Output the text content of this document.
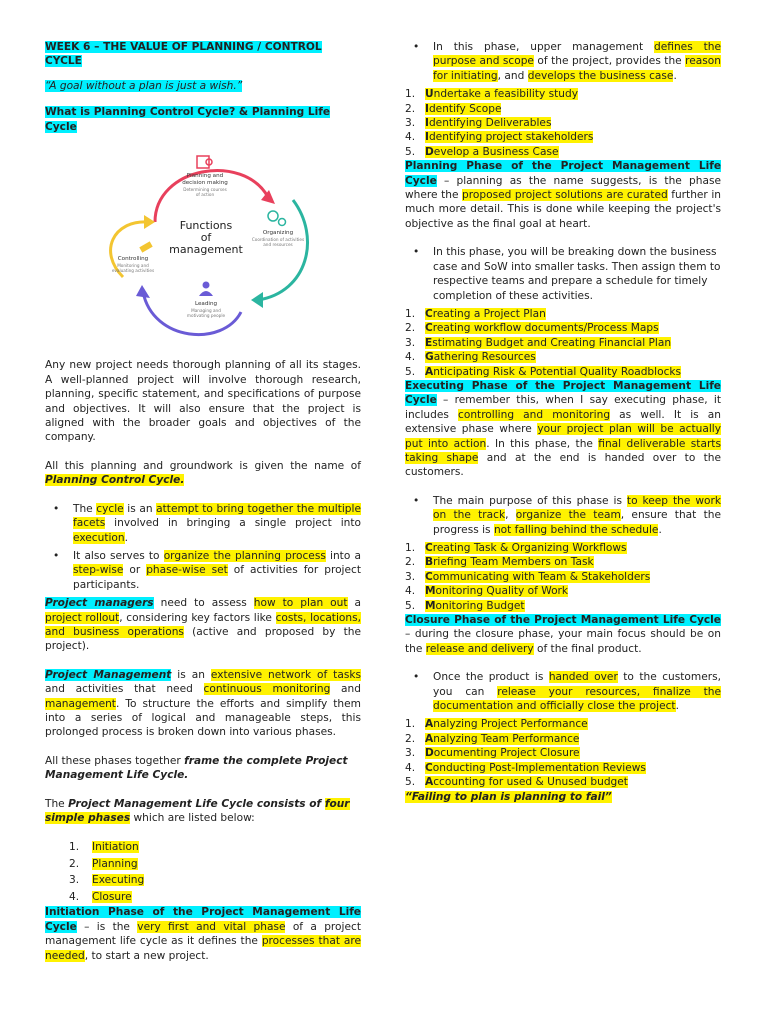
WEEK 6 – THE VALUE OF PLANNING / CONTROL CYCLE

“A goal without a plan is just a wish.”

What is Planning Control Cycle? & Planning Life Cycle

Functions
of
management
Planning and
decision making
Determining courses
of action
Organizing
Coordination of activities
and resources
Leading
Managing and
motivating people
Controlling
Monitoring and
evaluating activities

Any new project needs thorough planning of all its stages. A well-planned project will involve thorough research, planning, specific statement, and specifications of purpose and objectives. It will also ensure that the project is aligned with the broader goals and objectives of the company.

All this planning and groundwork is given the name of Planning Control Cycle.

• The cycle is an attempt to bring together the multiple facets involved in bringing a single project into execution.
• It also serves to organize the planning process into a step-wise or phase-wise set of activities for project participants.

Project managers need to assess how to plan out a project rollout, considering key factors like costs, locations, and business operations (active and proposed by the project).

Project Management is an extensive network of tasks and activities that need continuous monitoring and management. To structure the efforts and simplify them into a series of logical and manageable steps, this prolonged process is broken down into various phases.

All these phases together frame the complete Project Management Life Cycle.

The Project Management Life Cycle consists of four simple phases which are listed below:

1. Initiation
2. Planning
3. Executing
4. Closure

Initiation Phase of the Project Management Life Cycle – is the very first and vital phase of a project management life cycle as it defines the processes that are needed, to start a new project.

• In this phase, upper management defines the purpose and scope of the project, provides the reason for initiating, and develops the business case.
1. Undertake a feasibility study
2. Identify Scope
3. Identifying Deliverables
4. Identifying project stakeholders
5. Develop a Business Case

Planning Phase of the Project Management Life Cycle – planning as the name suggests, is the phase where the proposed project solutions are curated further in much more detail. This is done while keeping the project's objective as the final goal at heart.

• In this phase, you will be breaking down the business case and SoW into smaller tasks. Then assign them to respective teams and prepare a schedule for timely completion of these activities.
1. Creating a Project Plan
2. Creating workflow documents/Process Maps
3. Estimating Budget and Creating Financial Plan
4. Gathering Resources
5. Anticipating Risk & Potential Quality Roadblocks

Executing Phase of the Project Management Life Cycle – remember this, when I say executing phase, it includes controlling and monitoring as well. It is an extensive phase where your project plan will be actually put into action. In this phase, the final deliverable starts taking shape and at the end is handed over to the customers.

• The main purpose of this phase is to keep the work on the track, organize the team, ensure that the progress is not falling behind the schedule.
1. Creating Task & Organizing Workflows
2. Briefing Team Members on Task
3. Communicating with Team & Stakeholders
4. Monitoring Quality of Work
5. Monitoring Budget

Closure Phase of the Project Management Life Cycle – during the closure phase, your main focus should be on the release and delivery of the final product.

• Once the product is handed over to the customers, you can release your resources, finalize the documentation and officially close the project.
1. Analyzing Project Performance
2. Analyzing Team Performance
3. Documenting Project Closure
4. Conducting Post-Implementation Reviews
5. Accounting for used & Unused budget

“Failing to plan is planning to fail”
